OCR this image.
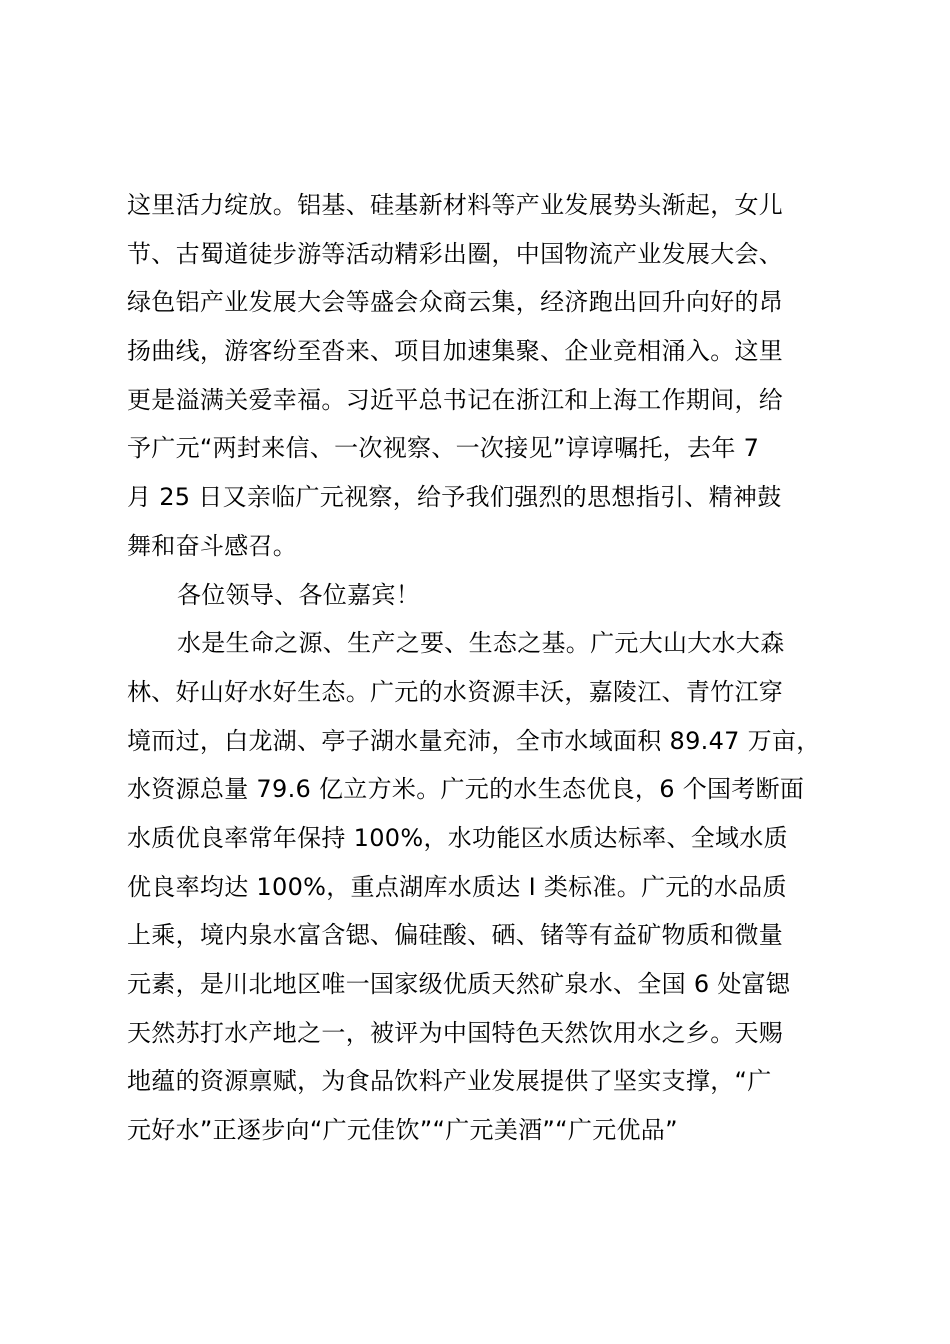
这里活力绽放。铝基、硅基新材料等产业发展势头渐起，女儿
节、古蜀道徒步游等活动精彩出圈，中国物流产业发展大会、
绿色铝产业发展大会等盛会众商云集，经济跑出回升向好的昂
扬曲线，游客纷至沓来、项目加速集聚、企业竞相涌入。这里
更是溢满关爱幸福。习近平总书记在浙江和上海工作期间，给
予广元“两封来信、一次视察、一次接见”谆谆嘱托，去年 7
月 25 日又亲临广元视察，给予我们强烈的思想指引、精神鼓
舞和奋斗感召。
各位领导、各位嘉宾！
水是生命之源、生产之要、生态之基。广元大山大水大森
林、好山好水好生态。广元的水资源丰沃，嘉陵江、青竹江穿
境而过，白龙湖、亭子湖水量充沛，全市水域面积 89.47 万亩，
水资源总量 79.6 亿立方米。广元的水生态优良，6 个国考断面
水质优良率常年保持 100%，水功能区水质达标率、全域水质
优良率均达 100%，重点湖库水质达 I 类标准。广元的水品质
上乘，境内泉水富含锶、偏硅酸、硒、锗等有益矿物质和微量
元素，是川北地区唯一国家级优质天然矿泉水、全国 6 处富锶
天然苏打水产地之一，被评为中国特色天然饮用水之乡。天赐
地蕴的资源禀赋，为食品饮料产业发展提供了坚实支撑，“广
元好水”正逐步向“广元佳饮”“广元美酒”“广元优品”
